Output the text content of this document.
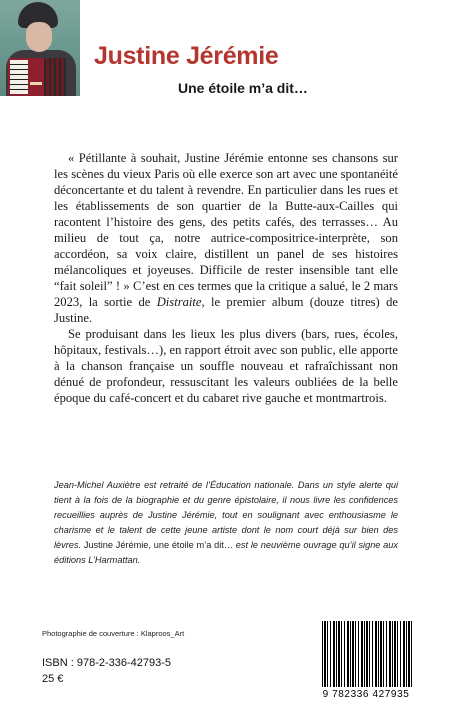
Justine Jérémie
Une étoile m’a dit…

« Pétillante à souhait, Justine Jérémie entonne ses chansons sur les scènes du vieux Paris où elle exerce son art avec une spontanéité déconcertante et du talent à revendre. En particulier dans les rues et les établissements de son quartier de la Butte-aux-Cailles qui racontent l’histoire des gens, des petits cafés, des terrasses… Au milieu de tout ça, notre autrice-compositrice-interprète, son accordéon, sa voix claire, distillent un panel de ses histoires mélancoliques et joyeuses. Difficile de rester insensible tant elle “fait soleil” ! » C’est en ces termes que la critique a salué, le 2 mars 2023, la sortie de Distraite, le premier album (douze titres) de Justine.

Se produisant dans les lieux les plus divers (bars, rues, écoles, hôpitaux, festivals…), en rapport étroit avec son public, elle apporte à la chanson française un souffle nouveau et rafraîchissant non dénué de profondeur, ressuscitant les valeurs oubliées de la belle époque du café-concert et du cabaret rive gauche et montmartrois.

Jean-Michel Auxiètre est retraité de l’Éducation nationale. Dans un style alerte qui tient à la fois de la biographie et du genre épistolaire, il nous livre les confidences recueillies auprès de Justine Jérémie, tout en soulignant avec enthousiasme le charisme et le talent de cette jeune artiste dont le nom court déjà sur bien des lèvres. Justine Jérémie, une étoile m’a dit… est le neuvième ouvrage qu’il signe aux éditions L’Harmattan.
Photographie de couverture : Klaproos_Art
ISBN : 978-2-336-42793-5
25 €
9 782336 427935
